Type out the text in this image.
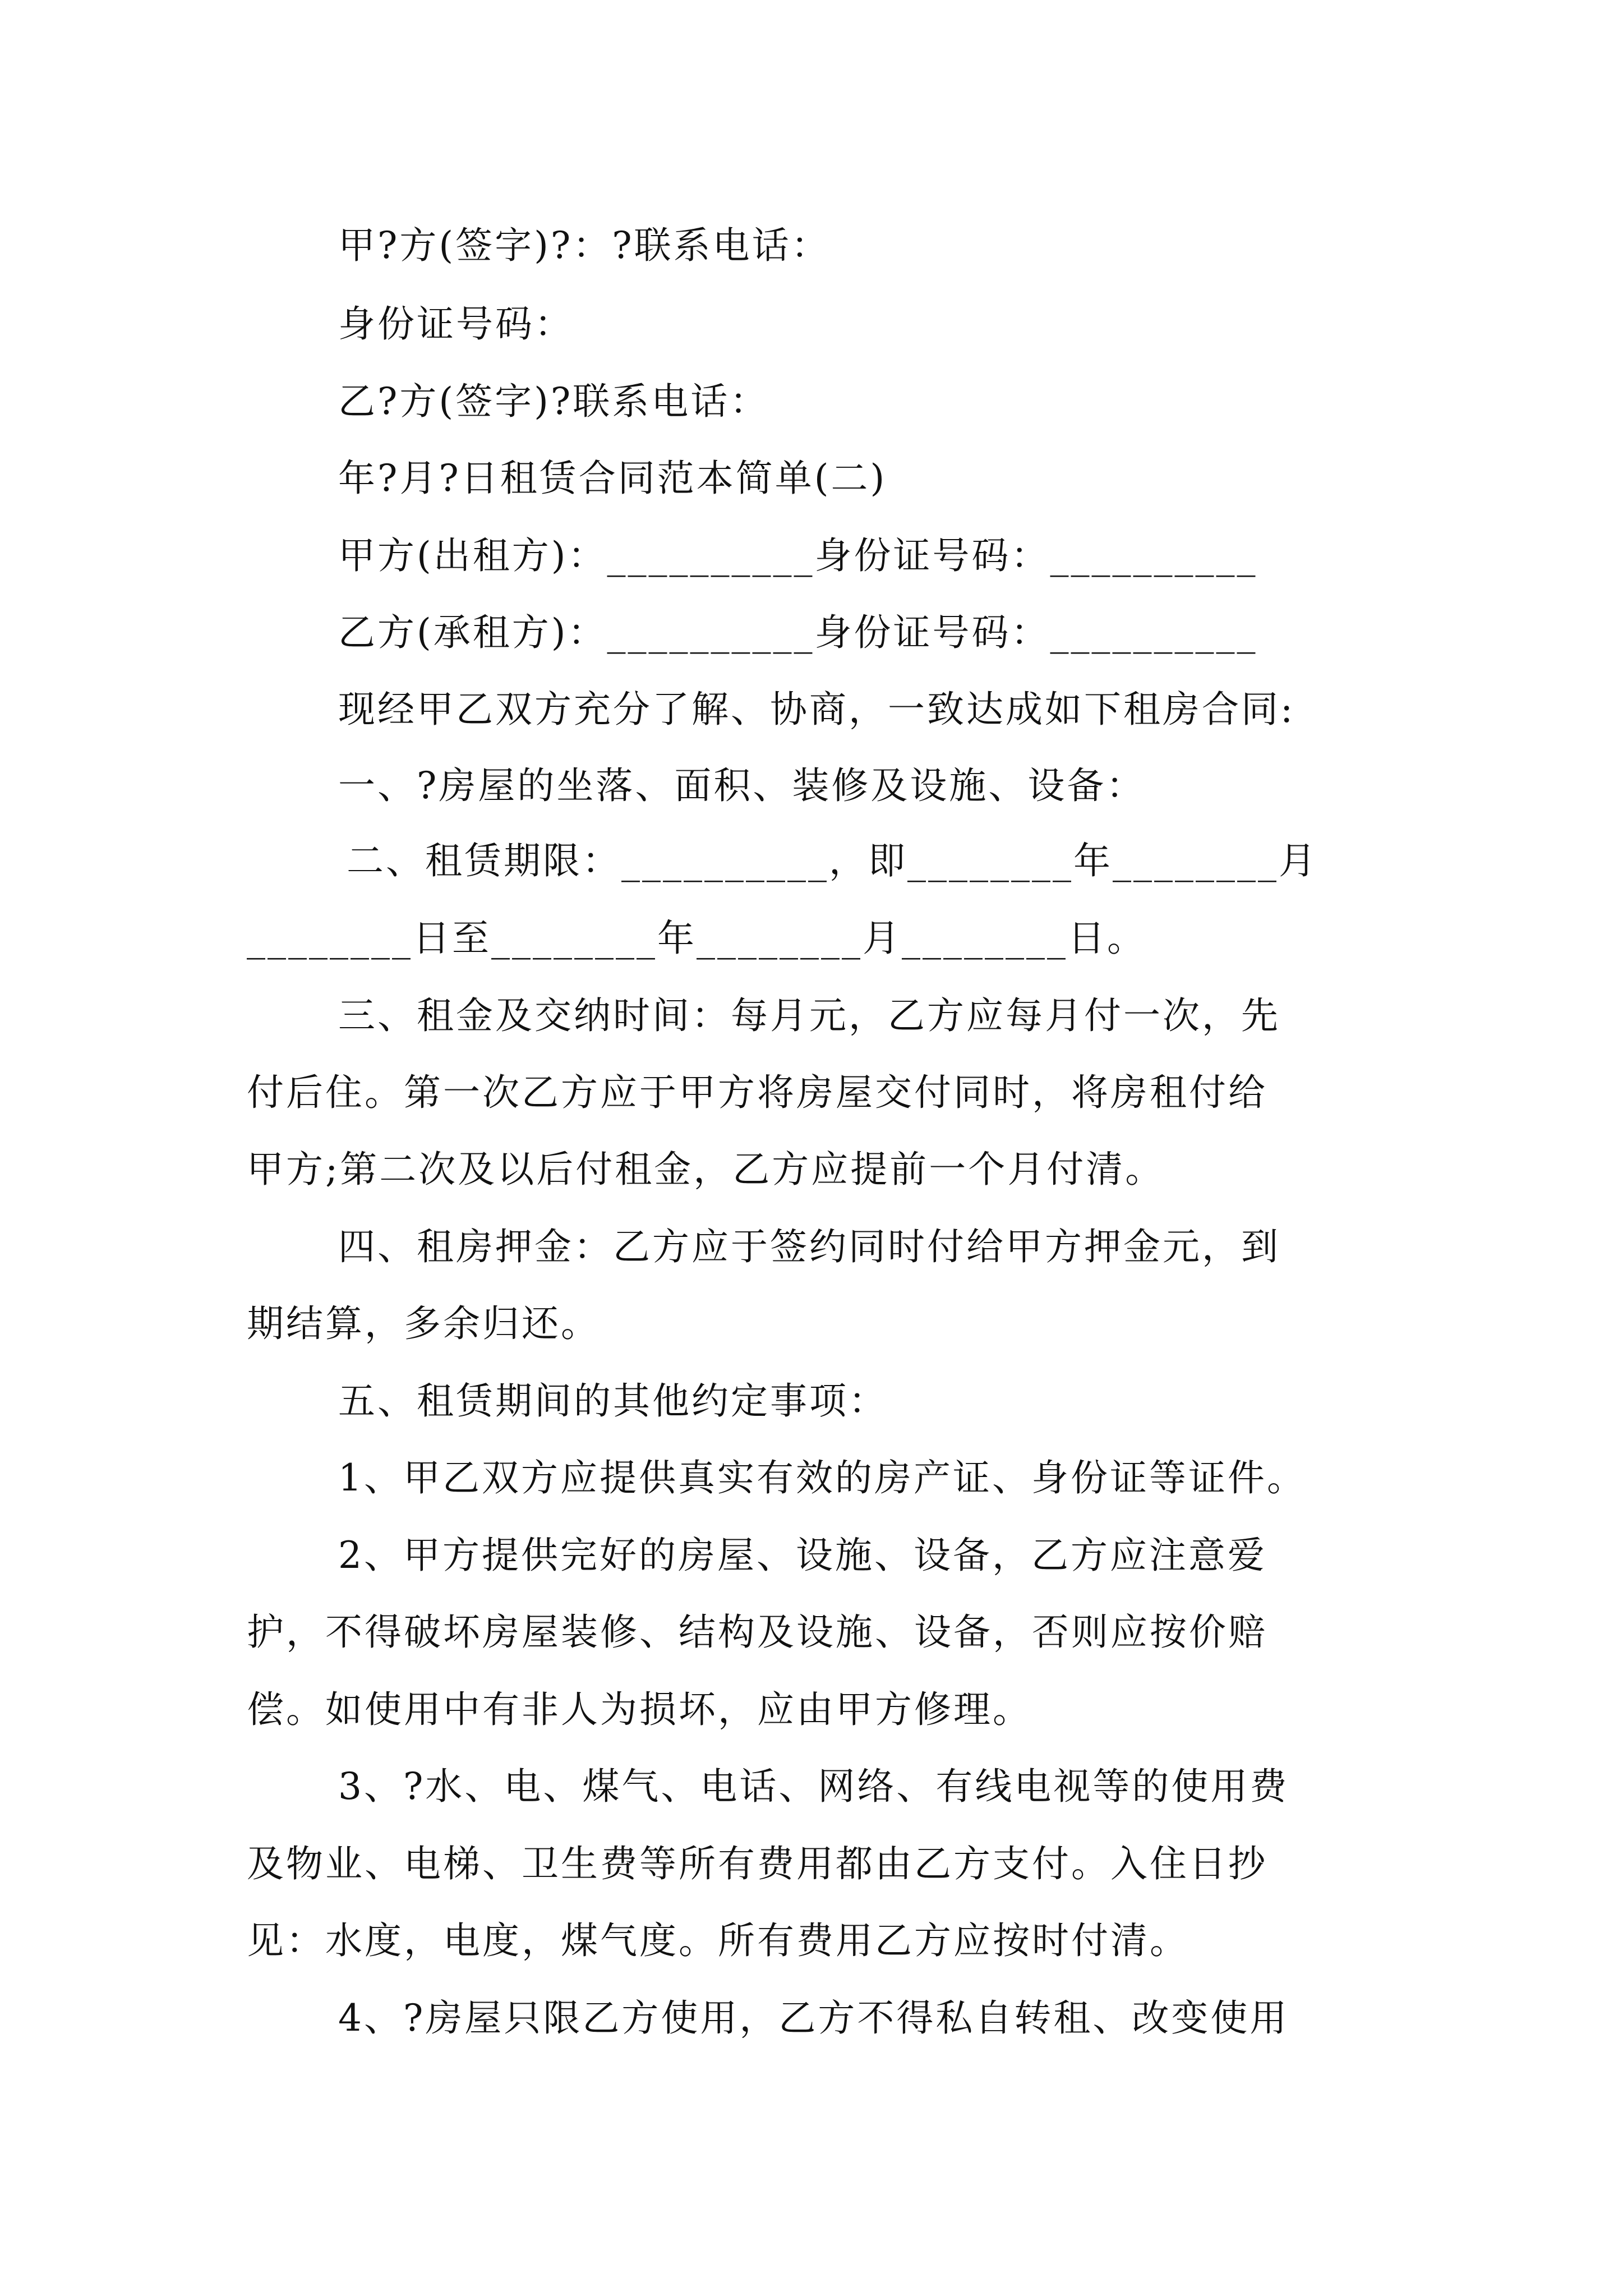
甲?方(签字)?：?联系电话：
身份证号码：
乙?方(签字)?联系电话：
年?月?日租赁合同范本简单(二)
甲方(出租方)：__________身份证号码：__________
乙方(承租方)：__________身份证号码：__________
现经甲乙双方充分了解、协商，一致达成如下租房合同:
一、?房屋的坐落、面积、装修及设施、设备：
二、租赁期限：__________，即________年________月
________日至________年________月________日。
三、租金及交纳时间：每月元，乙方应每月付一次，先
付后住。第一次乙方应于甲方将房屋交付同时，将房租付给
甲方;第二次及以后付租金，乙方应提前一个月付清。
四、租房押金：乙方应于签约同时付给甲方押金元，到
期结算，多余归还。
五、租赁期间的其他约定事项：
1、甲乙双方应提供真实有效的房产证、身份证等证件。
2、甲方提供完好的房屋、设施、设备，乙方应注意爱
护，不得破坏房屋装修、结构及设施、设备，否则应按价赔
偿。如使用中有非人为损坏，应由甲方修理。
3、?水、电、煤气、电话、网络、有线电视等的使用费
及物业、电梯、卫生费等所有费用都由乙方支付。入住日抄
见：水度，电度，煤气度。所有费用乙方应按时付清。
4、?房屋只限乙方使用，乙方不得私自转租、改变使用
